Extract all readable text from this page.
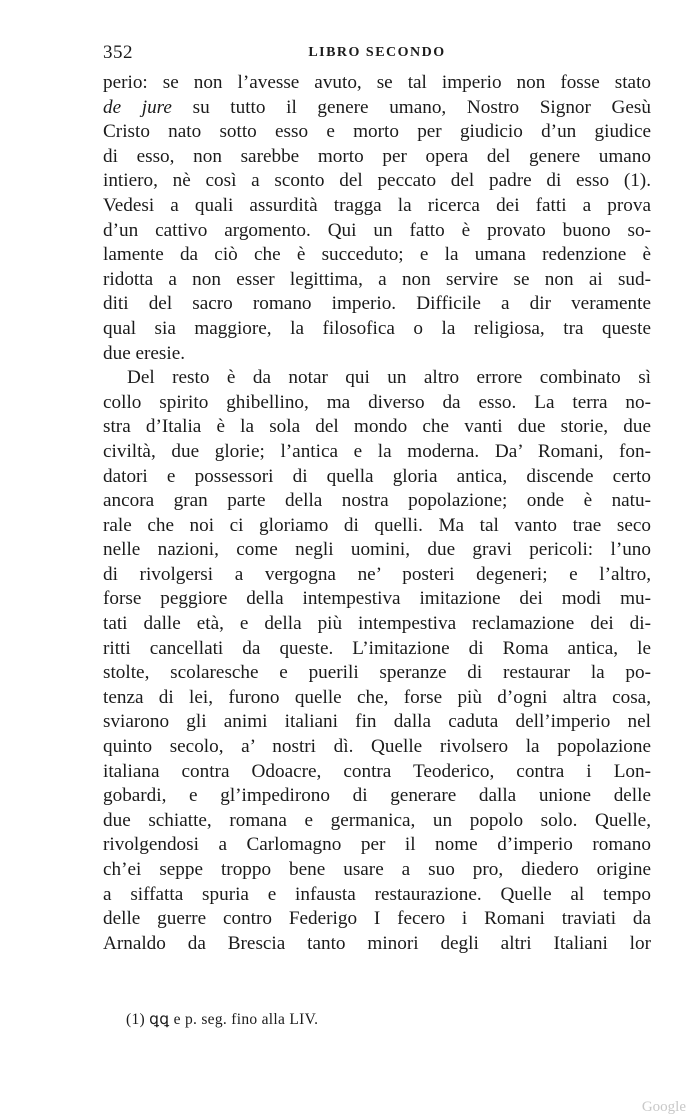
352	LIBRO SECONDO
perio: se non l’avesse avuto, se tal imperio non fosse stato
de jure su tutto il genere umano, Nostro Signor Gesù
Cristo nato sotto esso e morto per giudicio d’un giudice
di esso, non sarebbe morto per opera del genere umano
intiero, nè così a sconto del peccato del padre di esso (1).
Vedesi a quali assurdità tragga la ricerca dei fatti a prova
d’un cattivo argomento. Qui un fatto è provato buono so-
lamente da ciò che è succeduto; e la umana redenzione è
ridotta a non esser legittima, a non servire se non ai sud-
diti del sacro romano imperio. Difficile a dir veramente
qual sia maggiore, la filosofica o la religiosa, tra queste
due eresie.
Del resto è da notar qui un altro errore combinato sì
collo spirito ghibellino, ma diverso da esso. La terra no-
stra d’Italia è la sola del mondo che vanti due storie, due
civiltà, due glorie; l’antica e la moderna. Da’ Romani, fon-
datori e possessori di quella gloria antica, discende certo
ancora gran parte della nostra popolazione; onde è natu-
rale che noi ci gloriamo di quelli. Ma tal vanto trae seco
nelle nazioni, come negli uomini, due gravi pericoli: l’uno
di rivolgersi a vergogna ne’ posteri degeneri; e l’altro,
forse peggiore della intempestiva imitazione dei modi mu-
tati dalle età, e della più intempestiva reclamazione dei di-
ritti cancellati da queste. L’imitazione di Roma antica, le
stolte, scolaresche e puerili speranze di restaurar la po-
tenza di lei, furono quelle che, forse più d’ogni altra cosa,
sviarono gli animi italiani fin dalla caduta dell’imperio nel
quinto secolo, a’ nostri dì. Quelle rivolsero la popolazione
italiana contra Odoacre, contra Teoderico, contra i Lon-
gobardi, e gl’impedirono di generare dalla unione delle
due schiatte, romana e germanica, un popolo solo. Quelle,
rivolgendosi a Carlomagno per il nome d’imperio romano
ch’ei seppe troppo bene usare a suo pro, diedero origine
a siffatta spuria e infausta restaurazione. Quelle al tempo
delle guerre contro Federigo I fecero i Romani traviati da
Arnaldo da Brescia tanto minori degli altri Italiani lor
(1) ꝗꝗ e p. seg. fino alla LIV.
Google
